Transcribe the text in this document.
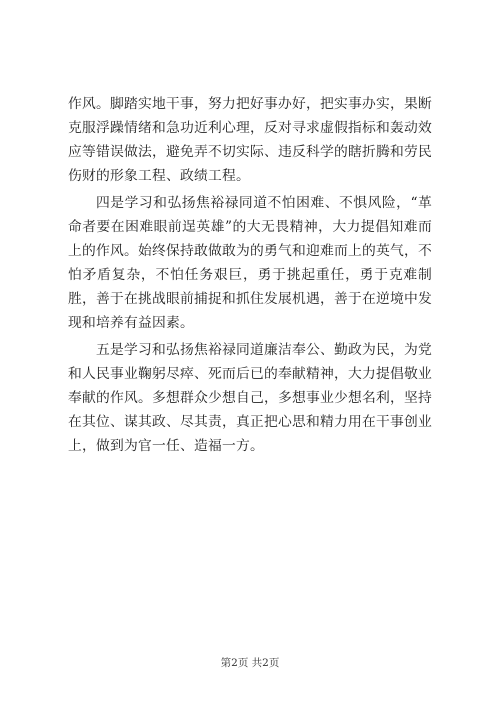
作风。脚踏实地干事，努力把好事办好，把实事办实，果断克服浮躁情绪和急功近利心理，反对寻求虚假指标和轰动效应等错误做法，避免弄不切实际、违反科学的瞎折腾和劳民伤财的形象工程、政绩工程。

四是学习和弘扬焦裕禄同道不怕困难、不惧风险，“革命者要在困难眼前逞英雄”的大无畏精神，大力提倡知难而上的作风。始终保持敢做敢为的勇气和迎难而上的英气，不怕矛盾复杂，不怕任务艰巨，勇于挑起重任，勇于克难制胜，善于在挑战眼前捕捉和抓住发展机遇，善于在逆境中发现和培养有益因素。

五是学习和弘扬焦裕禄同道廉洁奉公、勤政为民，为党和人民事业鞠躬尽瘁、死而后已的奉献精神，大力提倡敬业奉献的作风。多想群众少想自己，多想事业少想名利，坚持在其位、谋其政、尽其责，真正把心思和精力用在干事创业上，做到为官一任、造福一方。

第2页 共2页
